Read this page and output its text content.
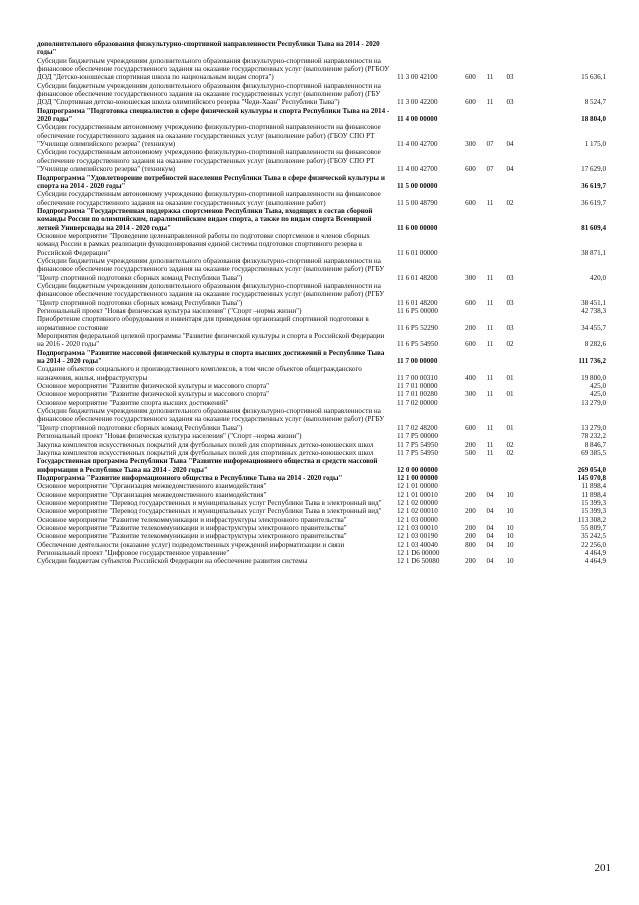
дополнительного образования физкультурно-спортивной направленности Республики Тыва на 2014 - 2020 годы"
Субсидии бюджетным учреждениям дополнительного образования физкультурно-спортивной направленности на финансовое обеспечение государственного задания на оказание государственных услуг (выполнение работ) (РГБОУ ДОД "Детско-юношеская спортивная школа по национальным видам спорта")	11 3 00 42100	600	11	03	15 636,1
Субсидии бюджетным учреждениям дополнительного образования физкультурно-спортивной направленности на финансовое обеспечение государственного задания на оказание государственных услуг (выполнение работ) (ГБУ ДОД "Спортивная детско-юношеская школа олимпийского резерва "Чеди-Хаан" Республики Тыва")	11 3 00 42200	600	11	03	8 524,7
Подпрограмма "Подготовка специалистов в сфере физической культуры и спорта Республики Тыва на 2014 - 2020 годы"	11 4 00 00000	18 804,0
Субсидии государственным автономному учреждению физкультурно-спортивной направленности на финансовое обеспечение государственного задания на оказание государственных услуг (выполнение работ) (ГБОУ СПО РТ "Училище олимпийского резерва" (техникум)	11 4 00 42700	300	07	04	1 175,0
Субсидии государственным автономному учреждению физкультурно-спортивной направленности на финансовое обеспечение государственного задания на оказание государственных услуг (выполнение работ) (ГБОУ СПО РТ "Училище олимпийского резерва" (техникум)	11 4 00 42700	600	07	04	17 629,0
Подпрограмма "Удовлетворение потребностей населения Республики Тыва в сфере физической культуры и спорта на 2014 - 2020 годы"	11 5 00 00000	36 619,7
Субсидии государственным автономному учреждению физкультурно-спортивной направленности на финансовое обеспечение государственного задания на оказание государственных услуг (выполнение работ)	11 5 00 48790	600	11	02	36 619,7
Подпрограмма "Государственная поддержка спортсменов Республики Тыва, входящих в состав сборной команды России по олимпийским, паралимпийским видам спорта, а также по видам спорта Всемирной летней Универсиады на 2014 - 2020 годы"	11 6 00 00000	81 609,4
Основное мероприятие "Проведение целенаправленной работы по подготовке спортсменов и членов сборных команд России в рамках реализации функционирования единой системы подготовки спортивного резерва в Российской Федерации"	11 6 01 00000	38 871,1
Субсидии бюджетным учреждениям дополнительного образования физкультурно-спортивной направленности на финансовое обеспечение государственного задания на оказание государственных услуг (выполнение работ) (РГБУ "Центр спортивной подготовки сборных команд Республики Тыва")	11 6 01 48200	300	11	03	420,0
Субсидии бюджетным учреждениям дополнительного образования физкультурно-спортивной направленности на финансовое обеспечение государственного задания на оказание государственных услуг (выполнение работ) (РГБУ "Центр спортивной подготовки сборных команд Республики Тыва")	11 6 01 48200	600	11	03	38 451,1
Региональный проект "Новая физическая культура населения" ("Спорт –норма жизни")	11 6 P5 00000	42 738,3
Приобретение спортивного оборудования и инвентаря для приведения организаций спортивной подготовки в нормативное состояние	11 6 P5 52290	200	11	03	34 455,7
Мероприятия федеральной целевой программы "Развитие физической культуры и спорта в Российской Федерации на 2016 - 2020 годы"	11 6 P5 54950	600	11	02	8 282,6
Подпрограмма "Развитие массовой физической культуры и спорта высших достижений в Республике Тыва на 2014 - 2020 годы"	11 7 00 00000	111 736,2
Создание объектов социального и производственного комплексов, в том числе объектов общегражданского назначения, жилья, инфраструктуры	11 7 00 00310	400	11	01	19 800,0
Основное мероприятие "Развитие физической культуры и массового спорта"	11 7 01 00000	425,0
Основное мероприятие "Развитие физической культуры и массового спорта"	11 7 01 00280	300	11	01	425,0
Основное мероприятие "Развитие спорта высших достижений"	11 7 02 00000	13 279,0
Субсидии бюджетным учреждениям дополнительного образования физкультурно-спортивной направленности на финансовое обеспечение государственного задания на оказание государственных услуг (выполнение работ) (РГБУ "Центр спортивной подготовки сборных команд Республики Тыва")	11 7 02 48200	600	11	01	13 279,0
Региональный проект "Новая физическая культура населения" ("Спорт –норма жизни")	11 7 P5 00000	78 232,2
Закупка комплектов искусственных покрытий для футбольных полей для спортивных детско-юношеских школ	11 7 P5 54950	200	11	02	8 846,7
Закупка комплектов искусственных покрытий для футбольных полей для спортивных детско-юношеских школ	11 7 P5 54950	500	11	02	69 385,5
Государственная программа Республики Тыва "Развитие информационного общества и средств массовой информации в Республике Тыва на 2014 - 2020 годы"	12 0 00 00000	269 054,0
Подпрограмма "Развитие информационного общества в Республике Тыва на 2014 - 2020 годы"	12 1 00 00000	145 070,8
Основное мероприятие "Организация межведомственного взаимодействия"	12 1 01 00000	11 898,4
Основное мероприятие "Организация межведомственного взаимодействия"	12 1 01 00010	200	04	10	11 898,4
Основное мероприятие "Перевод государственных и муниципальных услуг Республики Тыва в электронный вид"	12 1 02 00000	15 399,3
Основное мероприятие "Перевод государственных и муниципальных услуг Республики Тыва в электронный вид"	12 1 02 00010	200	04	10	15 399,3
Основное мероприятие "Развитие телекоммуникации и инфраструктуры электронного правительства"	12 1 03 00000	113 308,2
Основное мероприятие "Развитие телекоммуникации и инфраструктуры электронного правительства"	12 1 03 00010	200	04	10	55 809,7
Основное мероприятие "Развитие телекоммуникации и инфраструктуры электронного правительства"	12 1 03 00190	200	04	10	35 242,5
Обеспечение деятельности (оказание услуг) подведомственных учреждений информатизации и связи	12 1 03 40040	800	04	10	22 256,0
Региональный проект "Цифровое государственное управление"	12 1 D6 00000	4 464,9
Субсидии бюджетам субъектов Российской Федерации на обеспечение развития системы	12 1 D6 50080	200	04	10	4 464,9
201
